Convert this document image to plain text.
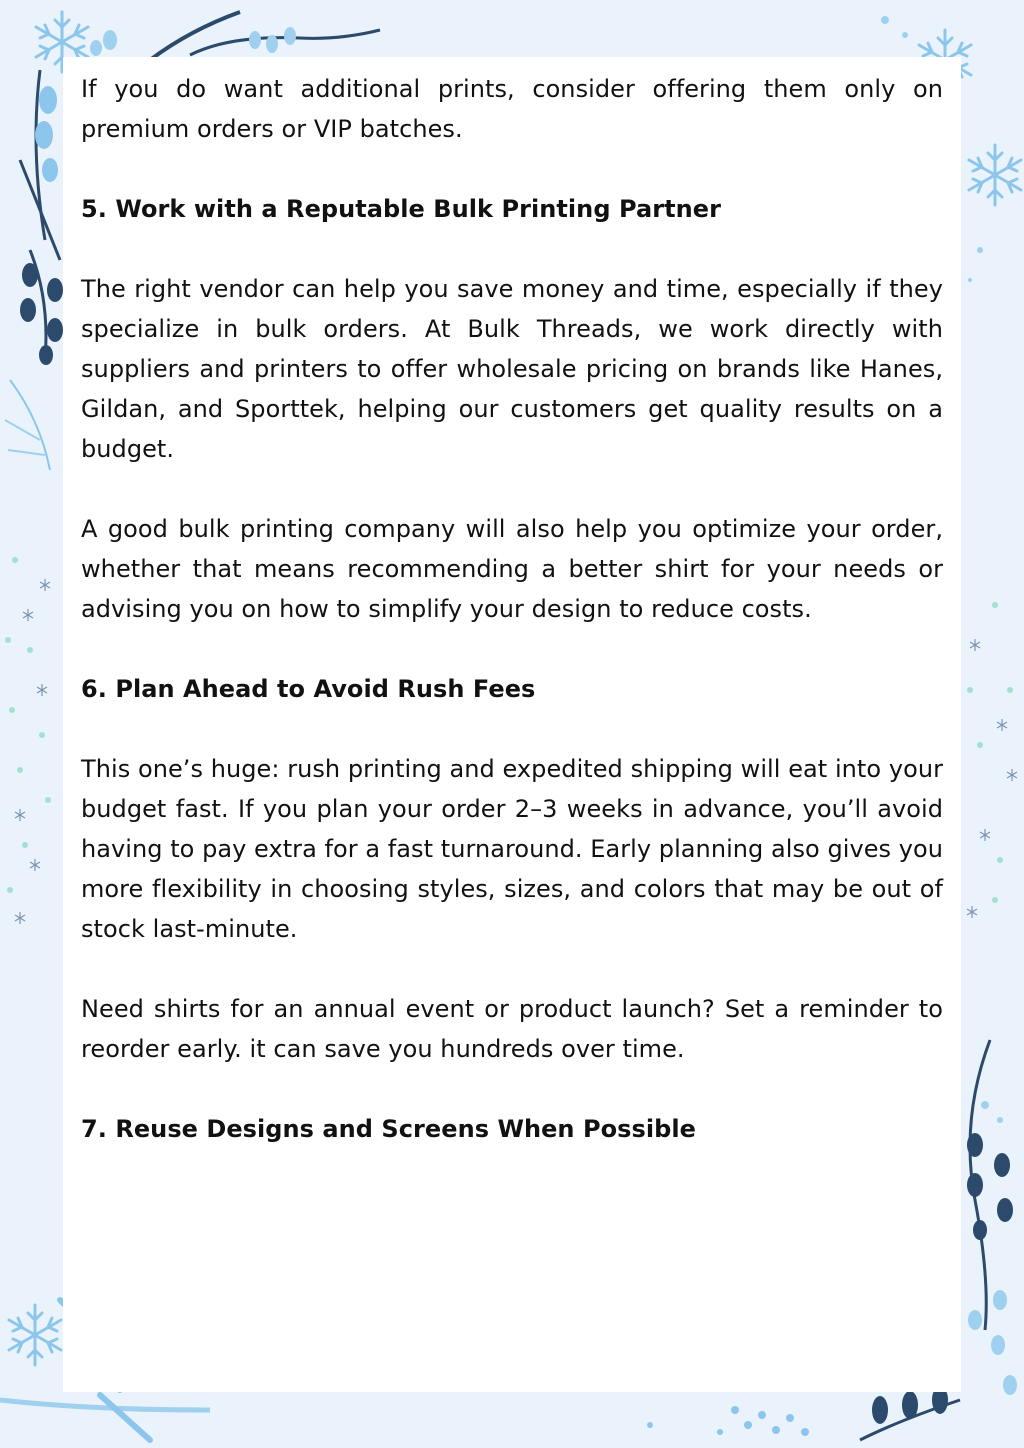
If you do want additional prints, consider offering them only on premium orders or VIP batches.

5. Work with a Reputable Bulk Printing Partner

The right vendor can help you save money and time, especially if they specialize in bulk orders. At Bulk Threads, we work directly with suppliers and printers to offer wholesale pricing on brands like Hanes, Gildan, and Sporttek, helping our customers get quality results on a budget.

A good bulk printing company will also help you optimize your order, whether that means recommending a better shirt for your needs or advising you on how to simplify your design to reduce costs.

6. Plan Ahead to Avoid Rush Fees

This one’s huge: rush printing and expedited shipping will eat into your budget fast. If you plan your order 2–3 weeks in advance, you’ll avoid having to pay extra for a fast turnaround. Early planning also gives you more flexibility in choosing styles, sizes, and colors that may be out of stock last-minute.

Need shirts for an annual event or product launch? Set a reminder to reorder early. it can save you hundreds over time.

7. Reuse Designs and Screens When Possible
